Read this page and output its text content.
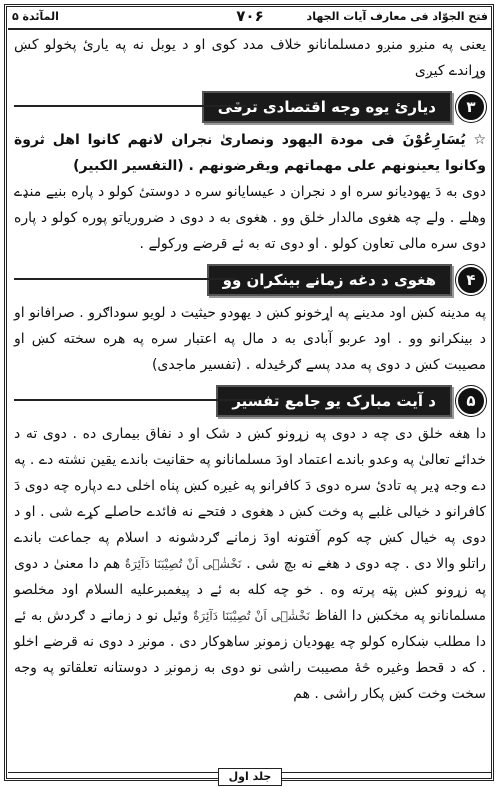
فتح الجوّاد فی معارف آیات الجهاد
۷۰۶
المآئدة ۵

یعنی په منږو منږو دمسلمانانو خلاف مدد کوی او د یوبل نه په یاریٔ پخولو کښ وړاندے کیږی

۳
دیاریٔ یوه وجه اقتصادی ترقی

☆ یُسَارِعُوْنَ فی مودة الیهود ونصاریٰ نجران لانهم کانوا اهل ثروة وکانوا یعینونهم علی مهماتهم ویقرضونهم . (التفسیر الکبیر)

دوی به دَ یهودیانو سره او د نجران د عیسایانو سره د دوستیٔ کولو د پاره بنیے منډے وهلے . ولے چه هغوی مالدار خلق وو . هغوی به د دوی د ضروریاتو پوره کولو د پاره دوی سره مالی تعاون کولو . او دوی ته به ئے قرضے ورکولے .

۴
هغوی د دغه زمانے بینکران وو

په مدینه کښ اود مدینے په اړخونو کښ د یهودو حیثیت د لویو سوداګرو . صرافانو او د بینکرانو وو . اود عربو آبادی به د مال په اعتبار سره په هره سخته کښ او مصیبت کښ د دوی په مدد پسے ګرځیدله . (تفسیر ماجدی)

۵
د آیت مبارک یو جامع تفسیر

دا هغه خلق دی چه د دوی په زړونو کښ د شک او د نفاق بیماری ده . دوی ته د خدائے تعالیٰ په وعدو باندے اعتماد اودَ مسلمانانو په حقانیت باندے یقین نشته دے . په دے وجه ډیر په تادیٔ سره دوی دَ کافرانو په غیږه کښ پناه اخلی دے دپاره چه دوی دَ کافرانو د خیالی غلبے په وخت کښ د هغوی د فتحے نه فائدے حاصلے کړے شی . او د دوی په خیال کښ چه کوم آفتونه اودَ زمانے ګردشونه د اسلام په جماعت باندے راتلو والا دی . چه دوی د هغے نه بچ شی . نَخْشٰۤى اَنْ تُصِیْبَنَا دَآئِرَةٌ هم دا معنیٰ د دوی په زړونو کښ پټه پرته وه . خو چه کله به ئے د پیغمبرعلیه السلام اود مخلصو مسلمانانو په مخکښ دا الفاظ نَخْشٰۤى اَنْ تُصِیْبَنَا دَآئِرَةٌ وئیل نو د زمانے د ګردش به ئے دا مطلب ښکاره کولو چه یهودیان زمونږ ساهوکار دی . مونږ د دوی نه قرضے اخلو . که د قحط وغیره څهٔ مصیبت راشی نو دوی به زمونږ د دوستانه تعلقاتو په وجه سخت وخت کښ پکار راشی . هم

جلد اول
